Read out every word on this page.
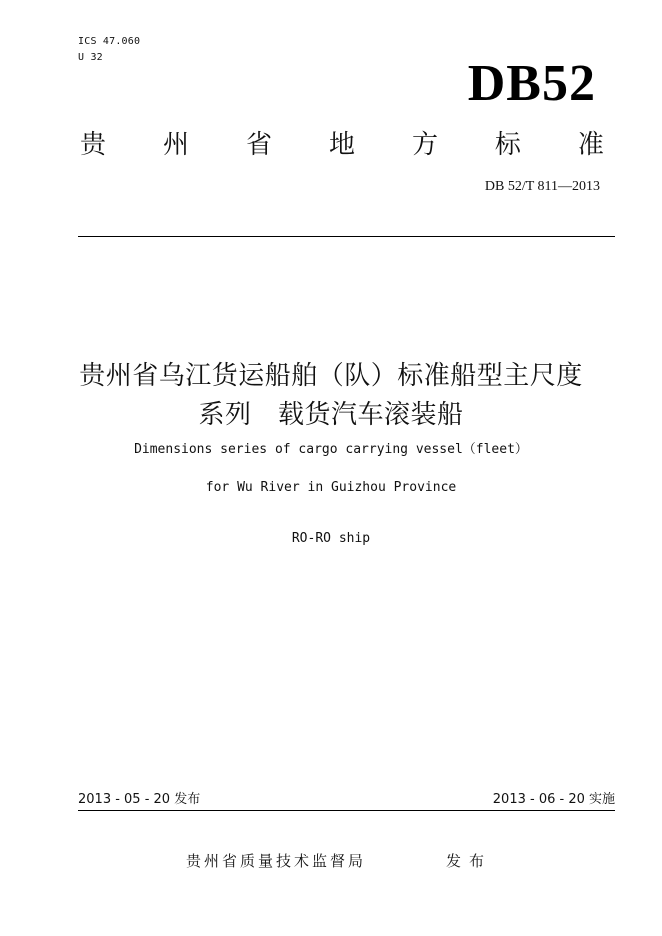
ICS 47.060
U 32	DB52
贵 州 省 地 方 标 准
DB 52/T 811—2013
贵州省乌江货运船舶（队）标准船型主尺度
系列　载货汽车滚装船
Dimensions series of cargo carrying vessel（fleet）
for Wu River in Guizhou Province
RO-RO ship
2013 - 05 - 20 发布	2013 - 06 - 20 实施
贵州省质量技术监督局	发布
